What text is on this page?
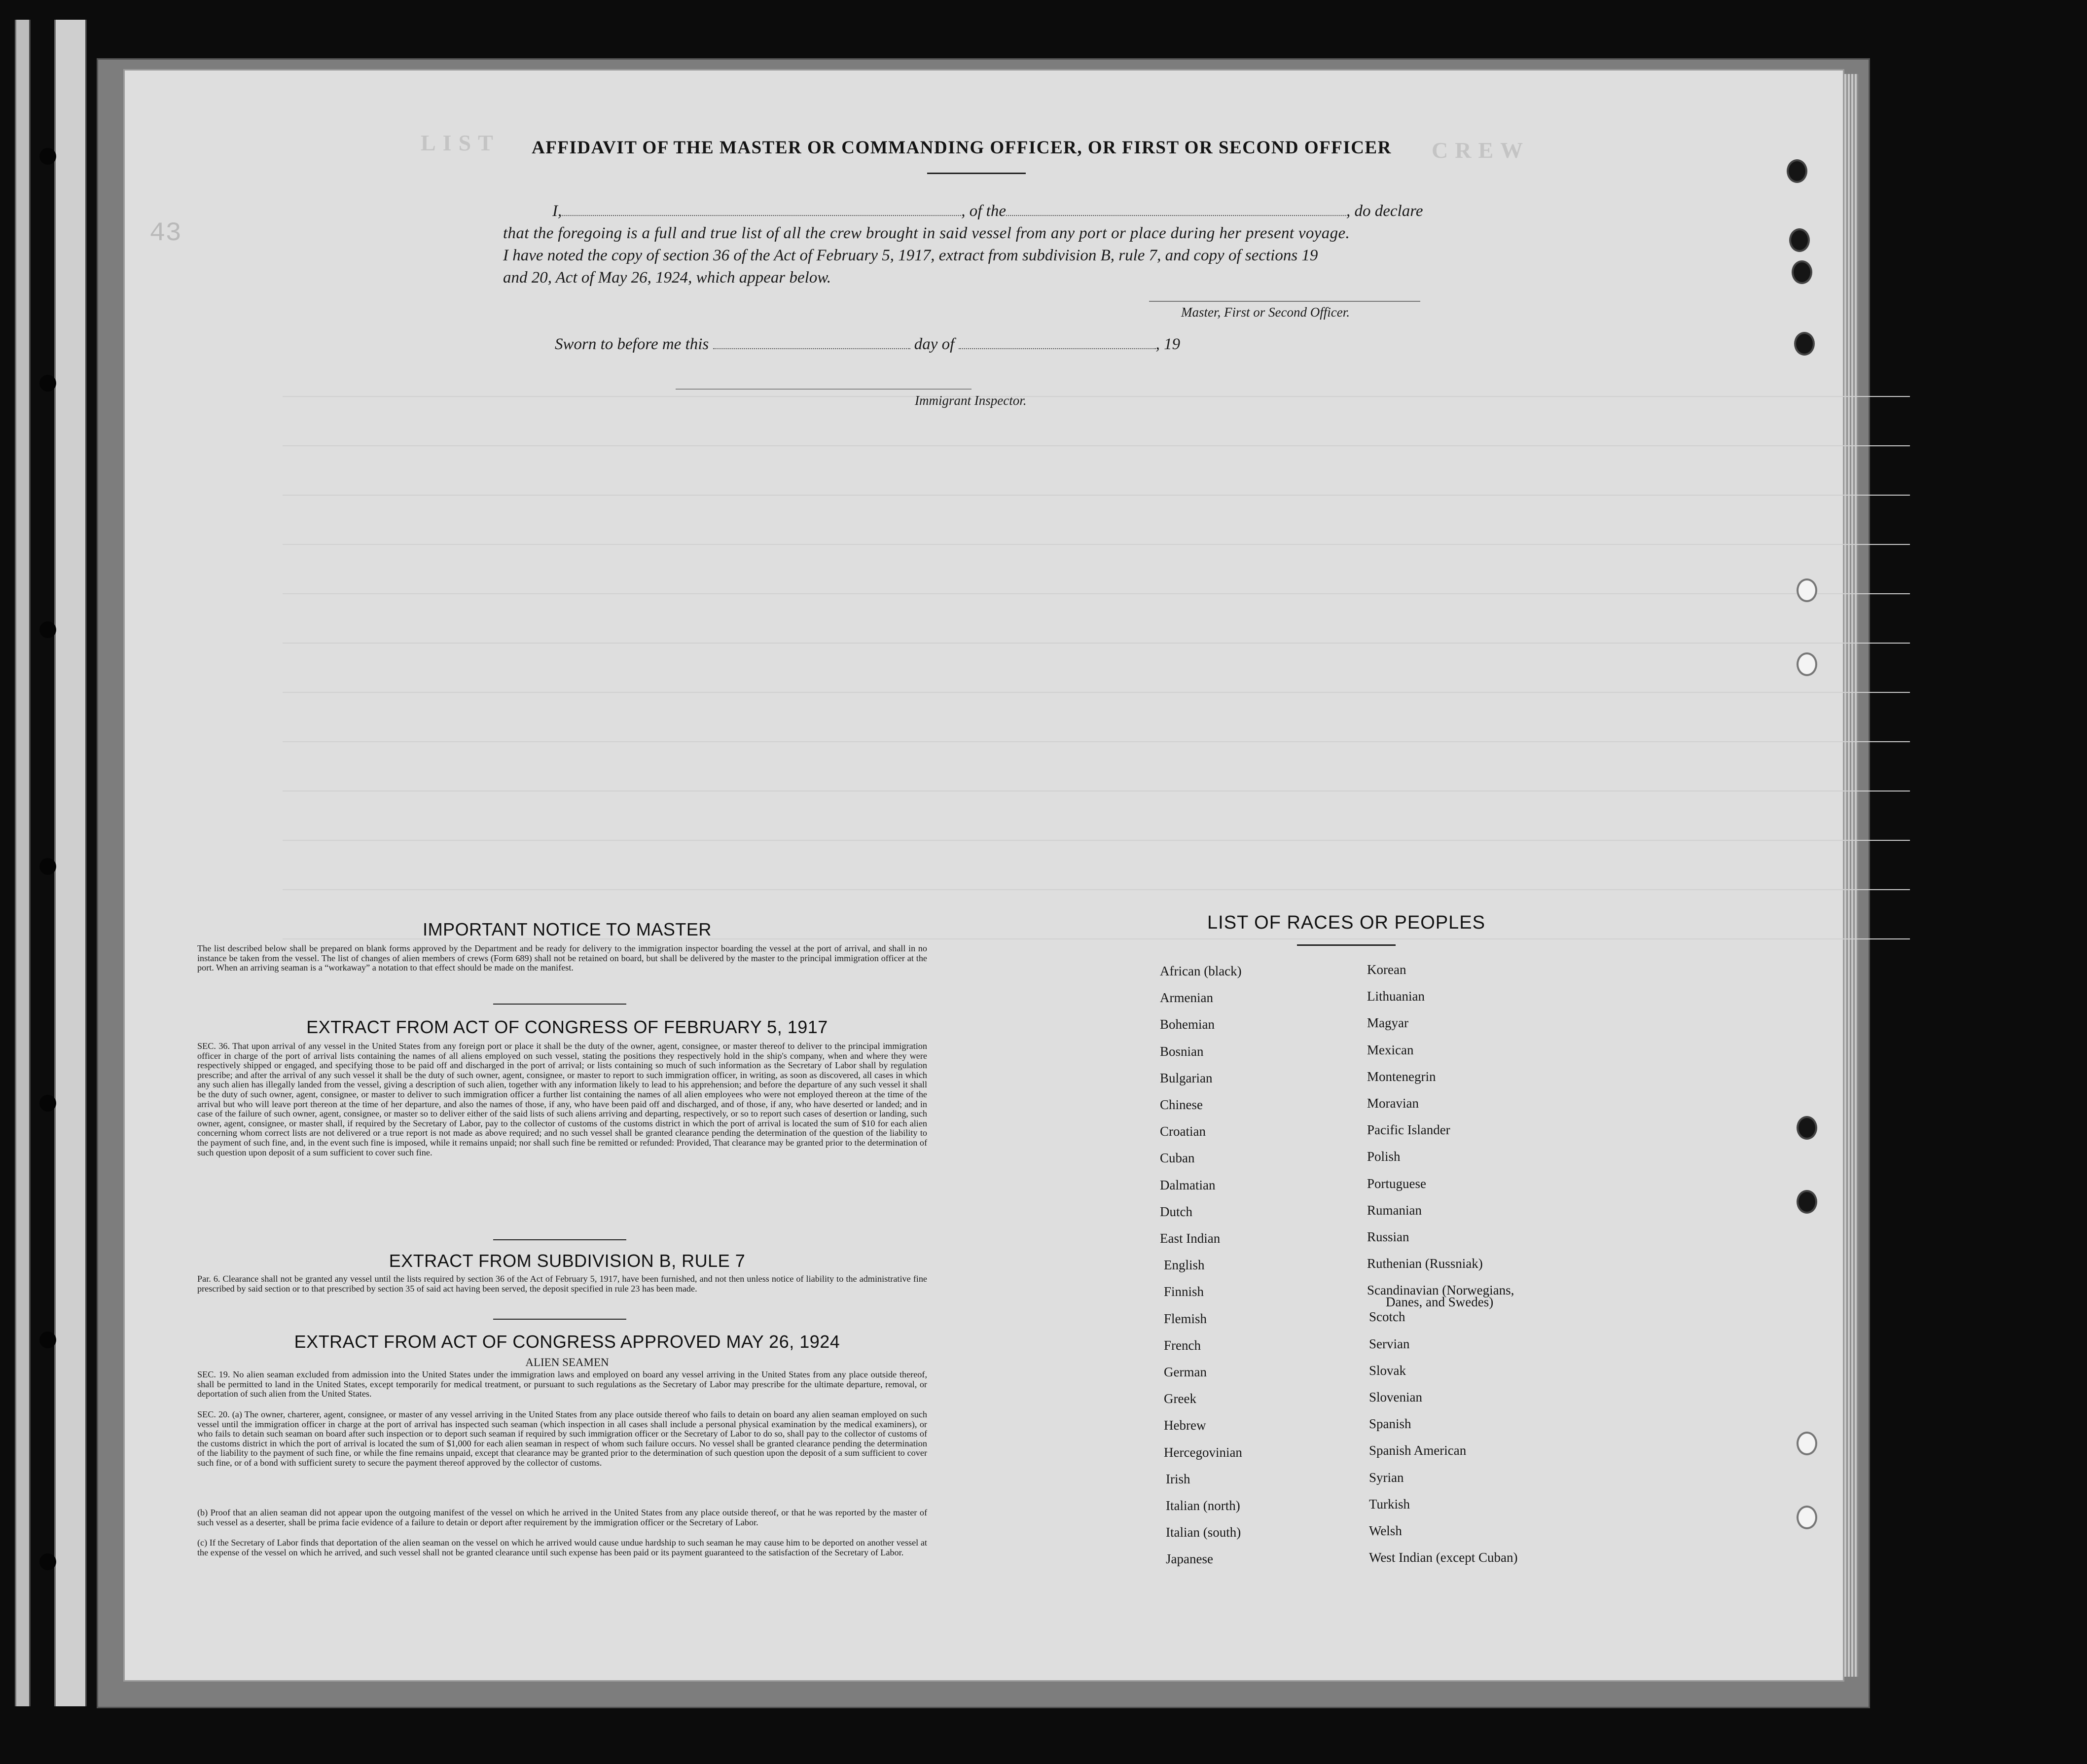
LIST	CREW
43
AFFIDAVIT OF THE MASTER OR COMMANDING OFFICER, OR FIRST OR SECOND OFFICER
I,	, of the	, do declare
that the foregoing is a full and true list of all the crew brought in said vessel from any port or place during her present voyage.
I have noted the copy of section 36 of the Act of February 5, 1917, extract from subdivision B, rule 7, and copy of sections 19
and 20, Act of May 26, 1924, which appear below.
Master, First or Second Officer.
Sworn to before me this	day of	, 19
Immigrant Inspector.
IMPORTANT NOTICE TO MASTER
The list described below shall be prepared on blank forms approved by the Department and be ready for delivery to the immigration inspector boarding the vessel at the port of arrival, and shall in no instance be taken from the vessel. The list of changes of alien members of crews (Form 689) shall not be retained on board, but shall be delivered by the master to the principal immigration officer at the port. When an arriving seaman is a “workaway” a notation to that effect should be made on the manifest.
EXTRACT FROM ACT OF CONGRESS OF FEBRUARY 5, 1917
SEC. 36. That upon arrival of any vessel in the United States from any foreign port or place it shall be the duty of the owner, agent, consignee, or master thereof to deliver to the principal immigration officer in charge of the port of arrival lists containing the names of all aliens employed on such vessel, stating the positions they respectively hold in the ship's company, when and where they were respectively shipped or engaged, and specifying those to be paid off and discharged in the port of arrival; or lists containing so much of such information as the Secretary of Labor shall by regulation prescribe; and after the arrival of any such vessel it shall be the duty of such owner, agent, consignee, or master to report to such immigration officer, in writing, as soon as discovered, all cases in which any such alien has illegally landed from the vessel, giving a description of such alien, together with any information likely to lead to his apprehension; and before the departure of any such vessel it shall be the duty of such owner, agent, consignee, or master to deliver to such immigration officer a further list containing the names of all alien employees who were not employed thereon at the time of the arrival but who will leave port thereon at the time of her departure, and also the names of those, if any, who have been paid off and discharged, and of those, if any, who have deserted or landed; and in case of the failure of such owner, agent, consignee, or master so to deliver either of the said lists of such aliens arriving and departing, respectively, or so to report such cases of desertion or landing, such owner, agent, consignee, or master shall, if required by the Secretary of Labor, pay to the collector of customs of the customs district in which the port of arrival is located the sum of $10 for each alien concerning whom correct lists are not delivered or a true report is not made as above required; and no such vessel shall be granted clearance pending the determination of the question of the liability to the payment of such fine, and, in the event such fine is imposed, while it remains unpaid; nor shall such fine be remitted or refunded: Provided, That clearance may be granted prior to the determination of such question upon deposit of a sum sufficient to cover such fine.
EXTRACT FROM SUBDIVISION B, RULE 7
Par. 6. Clearance shall not be granted any vessel until the lists required by section 36 of the Act of February 5, 1917, have been furnished, and not then unless notice of liability to the administrative fine prescribed by said section or to that prescribed by section 35 of said act having been served, the deposit specified in rule 23 has been made.
EXTRACT FROM ACT OF CONGRESS APPROVED MAY 26, 1924
ALIEN SEAMEN
SEC. 19. No alien seaman excluded from admission into the United States under the immigration laws and employed on board any vessel arriving in the United States from any place outside thereof, shall be permitted to land in the United States, except temporarily for medical treatment, or pursuant to such regulations as the Secretary of Labor may prescribe for the ultimate departure, removal, or deportation of such alien from the United States.
SEC. 20. (a) The owner, charterer, agent, consignee, or master of any vessel arriving in the United States from any place outside thereof who fails to detain on board any alien seaman employed on such vessel until the immigration officer in charge at the port of arrival has inspected such seaman (which inspection in all cases shall include a personal physical examination by the medical examiners), or who fails to detain such seaman on board after such inspection or to deport such seaman if required by such immigration officer or the Secretary of Labor to do so, shall pay to the collector of customs of the customs district in which the port of arrival is located the sum of $1,000 for each alien seaman in respect of whom such failure occurs. No vessel shall be granted clearance pending the determination of the liability to the payment of such fine, or while the fine remains unpaid, except that clearance may be granted prior to the determination of such question upon the deposit of a sum sufficient to cover such fine, or of a bond with sufficient surety to secure the payment thereof approved by the collector of customs.
(b) Proof that an alien seaman did not appear upon the outgoing manifest of the vessel on which he arrived in the United States from any place outside thereof, or that he was reported by the master of such vessel as a deserter, shall be prima facie evidence of a failure to detain or deport after requirement by the immigration officer or the Secretary of Labor.
(c) If the Secretary of Labor finds that deportation of the alien seaman on the vessel on which he arrived would cause undue hardship to such seaman he may cause him to be deported on another vessel at the expense of the vessel on which he arrived, and such vessel shall not be granted clearance until such expense has been paid or its payment guaranteed to the satisfaction of the Secretary of Labor.
LIST OF RACES OR PEOPLES
African (black)
Armenian
Bohemian
Bosnian
Bulgarian
Chinese
Croatian
Cuban
Dalmatian
Dutch
East Indian
English
Finnish
Flemish
French
German
Greek
Hebrew
Hercegovinian
Irish
Italian (north)
Italian (south)
Japanese
Korean
Lithuanian
Magyar
Mexican
Montenegrin
Moravian
Pacific Islander
Polish
Portuguese
Rumanian
Russian
Ruthenian (Russniak)
Scandinavian (Norwegians,
Danes, and Swedes)
Scotch
Servian
Slovak
Slovenian
Spanish
Spanish American
Syrian
Turkish
Welsh
West Indian (except Cuban)
